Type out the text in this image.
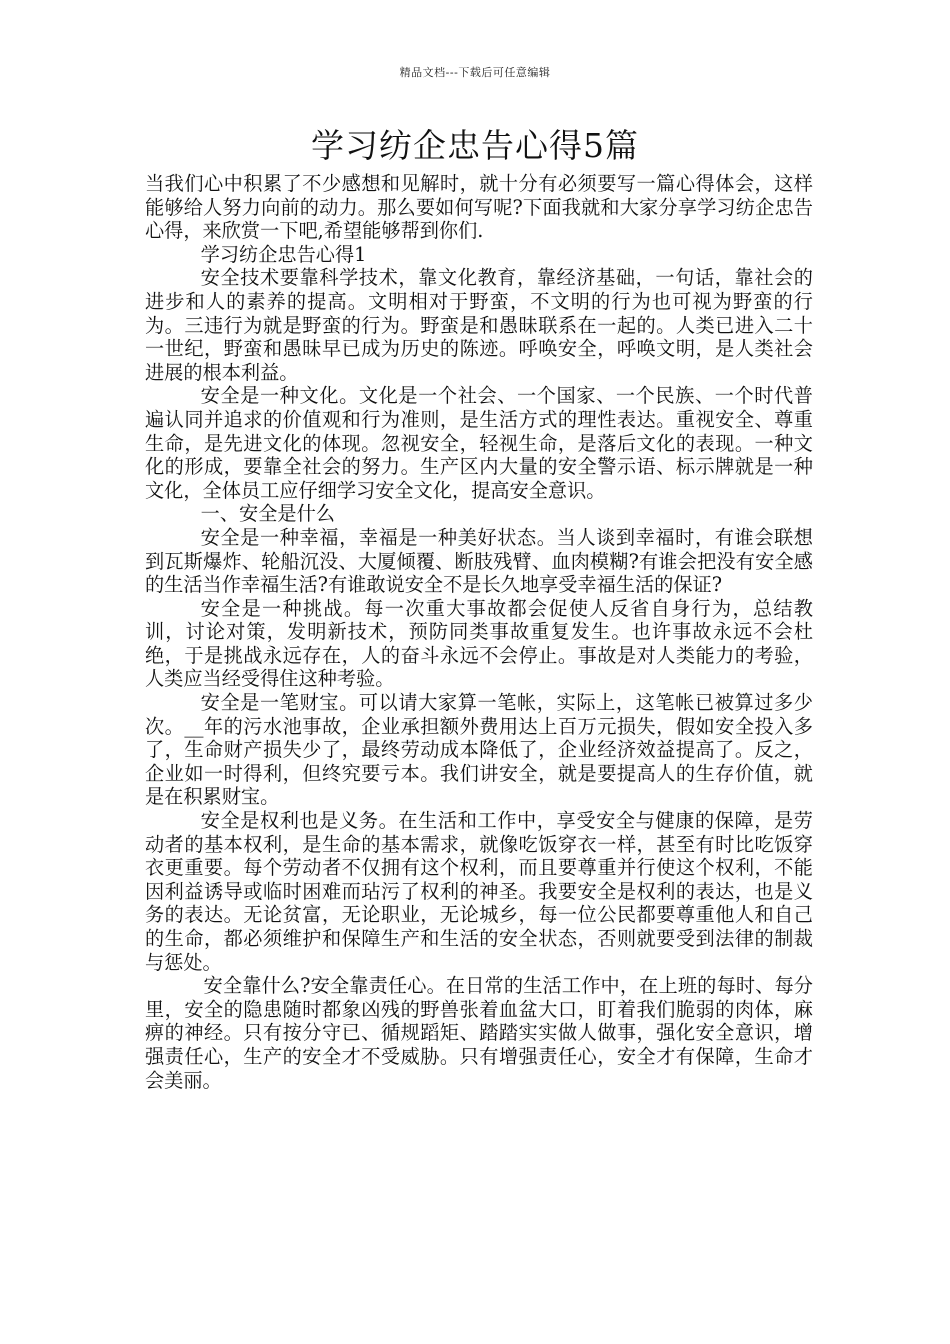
精品文档---下载后可任意编辑
学习纺企忠告心得5篇

当我们心中积累了不少感想和见解时，就十分有必须要写一篇心得体会，这样能够给人努力向前的动力。那么要如何写呢?下面我就和大家分享学习纺企忠告心得，来欣赏一下吧,希望能够帮到你们.

学习纺企忠告心得1

安全技术要靠科学技术，靠文化教育，靠经济基础，一句话，靠社会的进步和人的素养的提高。文明相对于野蛮，不文明的行为也可视为野蛮的行为。三违行为就是野蛮的行为。野蛮是和愚昧联系在一起的。人类已进入二十一世纪，野蛮和愚昧早已成为历史的陈迹。呼唤安全，呼唤文明，是人类社会进展的根本利益。

安全是一种文化。文化是一个社会、一个国家、一个民族、一个时代普遍认同并追求的价值观和行为准则，是生活方式的理性表达。重视安全、尊重生命，是先进文化的体现。忽视安全，轻视生命，是落后文化的表现。一种文化的形成，要靠全社会的努力。生产区内大量的安全警示语、标示牌就是一种文化，全体员工应仔细学习安全文化，提高安全意识。

一、安全是什么

安全是一种幸福，幸福是一种美好状态。当人谈到幸福时，有谁会联想到瓦斯爆炸、轮船沉没、大厦倾覆、断肢残臂、血肉模糊?有谁会把没有安全感的生活当作幸福生活?有谁敢说安全不是长久地享受幸福生活的保证?

安全是一种挑战。每一次重大事故都会促使人反省自身行为，总结教训，讨论对策，发明新技术，预防同类事故重复发生。也许事故永远不会杜绝，于是挑战永远存在，人的奋斗永远不会停止。事故是对人类能力的考验，人类应当经受得住这种考验。

安全是一笔财宝。可以请大家算一笔帐，实际上，这笔帐已被算过多少次。__年的污水池事故，企业承担额外费用达上百万元损失，假如安全投入多了，生命财产损失少了，最终劳动成本降低了，企业经济效益提高了。反之，企业如一时得利，但终究要亏本。我们讲安全，就是要提高人的生存价值，就是在积累财宝。

安全是权利也是义务。在生活和工作中，享受安全与健康的保障，是劳动者的基本权利，是生命的基本需求，就像吃饭穿衣一样，甚至有时比吃饭穿衣更重要。每个劳动者不仅拥有这个权利，而且要尊重并行使这个权利，不能因利益诱导或临时困难而玷污了权利的神圣。我要安全是权利的表达，也是义务的表达。无论贫富，无论职业，无论城乡，每一位公民都要尊重他人和自己的生命，都必须维护和保障生产和生活的安全状态，否则就要受到法律的制裁与惩处。

安全靠什么?安全靠责任心。在日常的生活工作中，在上班的每时、每分里，安全的隐患随时都象凶残的野兽张着血盆大口，盯着我们脆弱的肉体，麻痹的神经。只有按分守已、循规蹈矩、踏踏实实做人做事，强化安全意识，增强责任心，生产的安全才不受威胁。只有增强责任心，安全才有保障，生命才会美丽。
